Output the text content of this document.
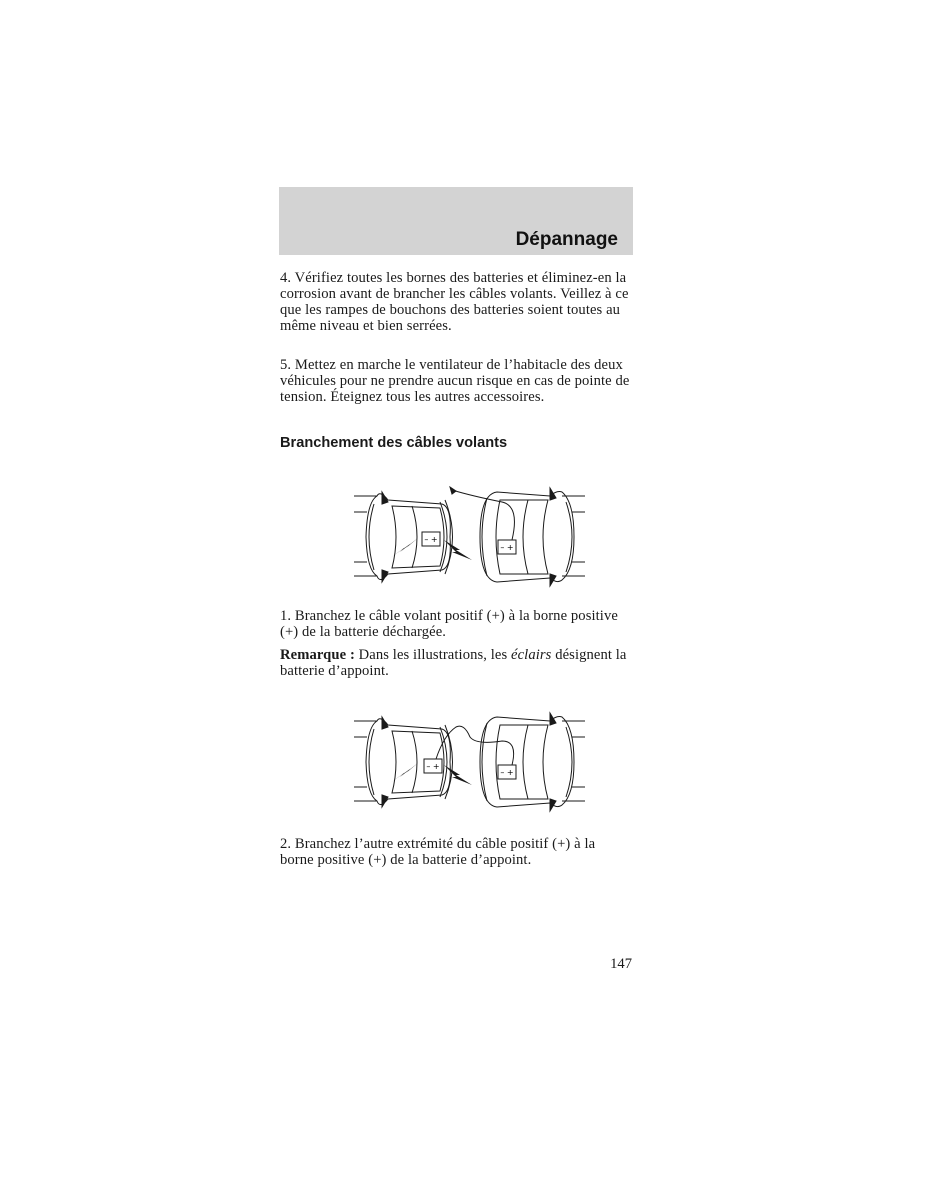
Dépannage

4. Vérifiez toutes les bornes des batteries et éliminez-en la corrosion avant de brancher les câbles volants. Veillez à ce que les rampes de bouchons des batteries soient toutes au même niveau et bien serrées.

5. Mettez en marche le ventilateur de l’habitacle des deux véhicules pour ne prendre aucun risque en cas de pointe de tension. Éteignez tous les autres accessoires.

Branchement des câbles volants
– +
– +

1. Branchez le câble volant positif (+) à la borne positive (+) de la batterie déchargée.

Remarque : Dans les illustrations, les éclairs désignent la batterie d’appoint.

– +
– +

2. Branchez l’autre extrémité du câble positif (+) à la borne positive (+) de la batterie d’appoint.

147
